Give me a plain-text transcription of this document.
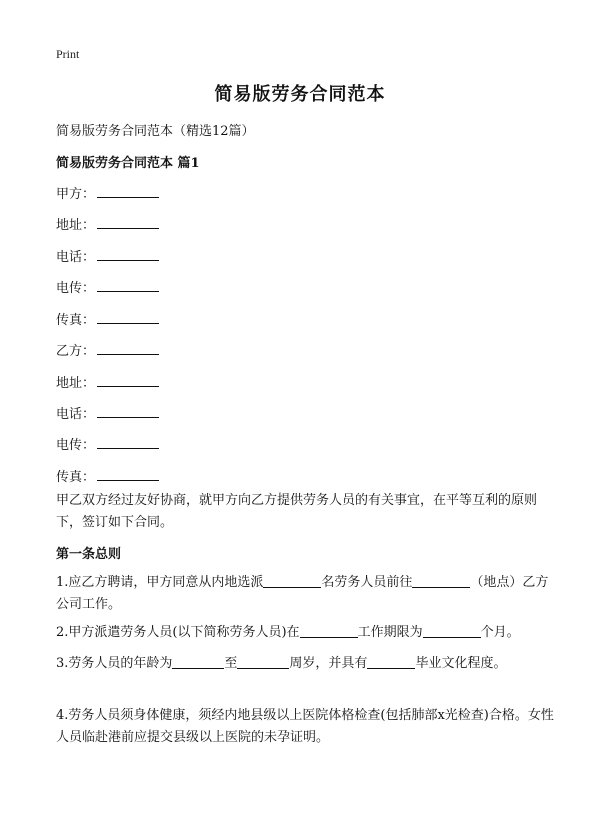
Print
简易版劳务合同范本
简易版劳务合同范本（精选12篇）
简易版劳务合同范本 篇1
甲方：
地址：
电话：
电传：
传真：
乙方：
地址：
电话：
电传：
传真：
甲乙双方经过友好协商，就甲方向乙方提供劳务人员的有关事宜，在平等互利的原则下，签订如下合同。
第一条总则
1.应乙方聘请，甲方同意从内地选派	名劳务人员前往	（地点）乙方公司工作。
2.甲方派遣劳务人员(以下简称劳务人员)在	工作期限为	个月。
3.劳务人员的年龄为	至	周岁，并具有	毕业文化程度。
4.劳务人员须身体健康，须经内地县级以上医院体格检查(包括肺部x光检查)合格。女性人员临赴港前应提交县级以上医院的未孕证明。
